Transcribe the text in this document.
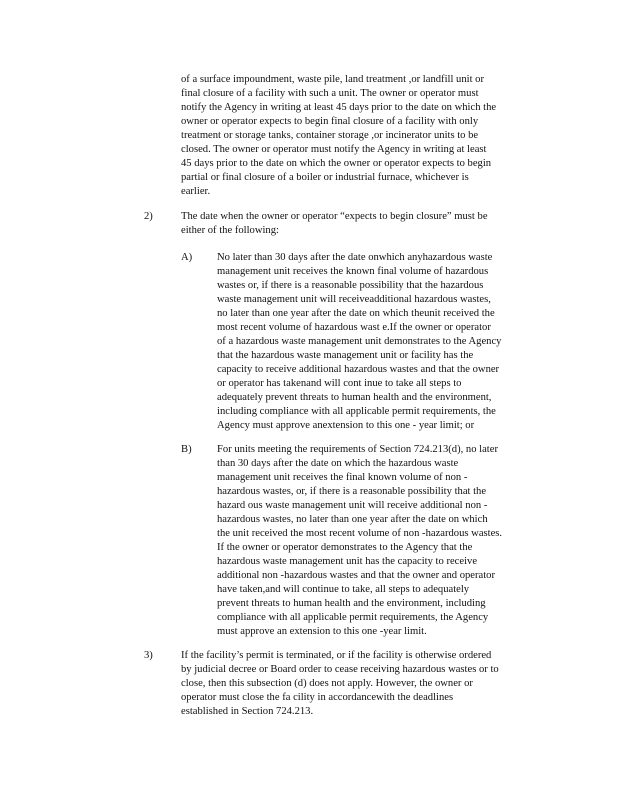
of a surface impoundment, waste pile, land treatment ,or landfill unit or
final closure of a facility with such a unit. The owner or operator must
notify the Agency in writing at least 45 days prior to the date on which the
owner or operator expects to begin final closure of a facility with only
treatment or storage tanks, container storage ,or incinerator units to be
closed. The owner or operator must notify the Agency in writing at least
45 days prior to the date on which the owner or operator expects to begin
partial or final closure of a boiler or industrial furnace, whichever is
earlier.
2)	The date when the owner or operator “expects to begin closure” must be
either of the following:
A)	No later than 30 days after the date onwhich anyhazardous waste
management unit receives the known final volume of hazardous
wastes or, if there is a reasonable possibility that the hazardous
waste management unit will receiveadditional hazardous wastes,
no later than one year after the date on which theunit received the
most recent volume of hazardous wast e.If the owner or operator
of a hazardous waste management unit demonstrates to the Agency
that the hazardous waste management unit or facility has the
capacity to receive additional hazardous wastes and that the owner
or operator has takenand will cont inue to take all steps to
adequately prevent threats to human health and the environment,
including compliance with all applicable permit requirements, the
Agency must approve anextension to this one - year limit; or
B)	For units meeting the requirements of Section 724.213(d), no later
than 30 days after the date on which the hazardous waste
management unit receives the final known volume of non -
hazardous wastes, or, if there is a reasonable possibility that the
hazard ous waste management unit will receive additional non -
hazardous wastes, no later than one year after the date on which
the unit received the most recent volume of non -hazardous wastes.
If the owner or operator demonstrates to the Agency that the
hazardous waste management unit has the capacity to receive
additional non -hazardous wastes and that the owner and operator
have taken,and will continue to take, all steps to adequately
prevent threats to human health and the environment, including
compliance with all applicable permit requirements, the Agency
must approve an extension to this one -year limit.
3)	If the facility’s permit is terminated, or if the facility is otherwise ordered
by judicial decree or Board order to cease receiving hazardous wastes or to
close, then this subsection (d) does not apply. However, the owner or
operator must close the fa cility in accordancewith the deadlines
established in Section 724.213.
